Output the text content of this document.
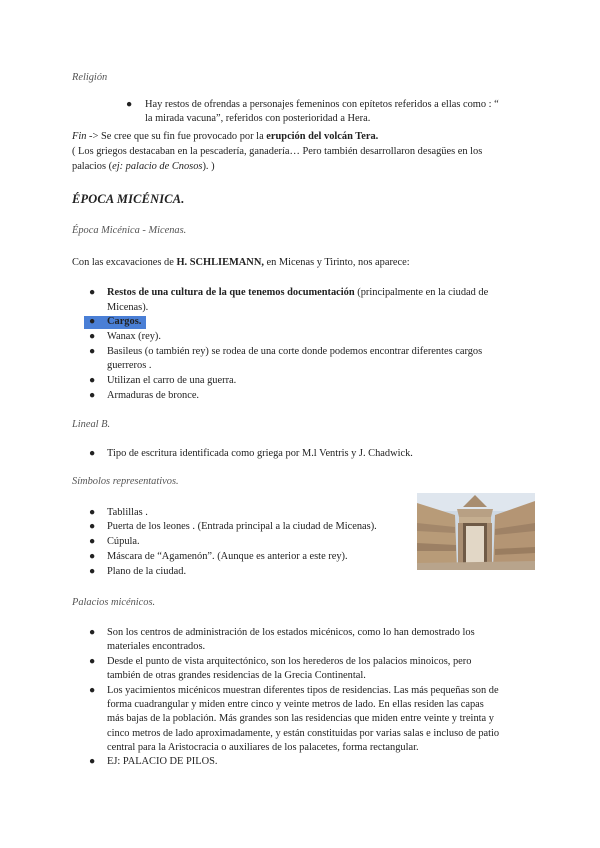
Religión
● Hay restos de ofrendas a personajes femeninos con epítetos referidos a ellas como : “
la mirada vacuna”, referidos con posterioridad a Hera.
Fin -> Se cree que su fin fue provocado por la erupción del volcán Tera.
( Los griegos destacaban en la pescadería, ganadería… Pero también desarrollaron desagües en los
palacios (ej: palacio de Cnosos). )
ÉPOCA MICÉNICA.
Época Micénica - Micenas.
Con las excavaciones de H. SCHLIEMANN, en Micenas y Tirinto, nos aparece:
● Restos de una cultura de la que tenemos documentación (principalmente en la ciudad de
Micenas).
● Cargos.
● Wanax (rey).
● Basileus (o también rey) se rodea de una corte donde podemos encontrar diferentes cargos
guerreros .
● Utilizan el carro de una guerra.
● Armaduras de bronce.
Lineal B.
● Tipo de escritura identificada como griega por M.l Ventris y J. Chadwick.
Símbolos representativos.
● Tablillas .
● Puerta de los leones . (Entrada principal a la ciudad de Micenas).
● Cúpula.
● Máscara de “Agamenón”. (Aunque es anterior a este rey).
● Plano de la ciudad.
Palacios micénicos.
● Son los centros de administración de los estados micénicos, como lo han demostrado los
materiales encontrados.
● Desde el punto de vista arquitectónico, son los herederos de los palacios minoicos, pero
también de otras grandes residencias de la Grecia Continental.
● Los yacimientos micénicos muestran diferentes tipos de residencias. Las más pequeñas son de
forma cuadrangular y miden entre cinco y veinte metros de lado. En ellas residen las capas
más bajas de la población. Más grandes son las residencias que miden entre veinte y treinta y
cinco metros de lado aproximadamente, y están constituidas por varias salas e incluso de patio
central para la Aristocracia o auxiliares de los palacetes, forma rectangular.
● EJ: PALACIO DE PILOS.
